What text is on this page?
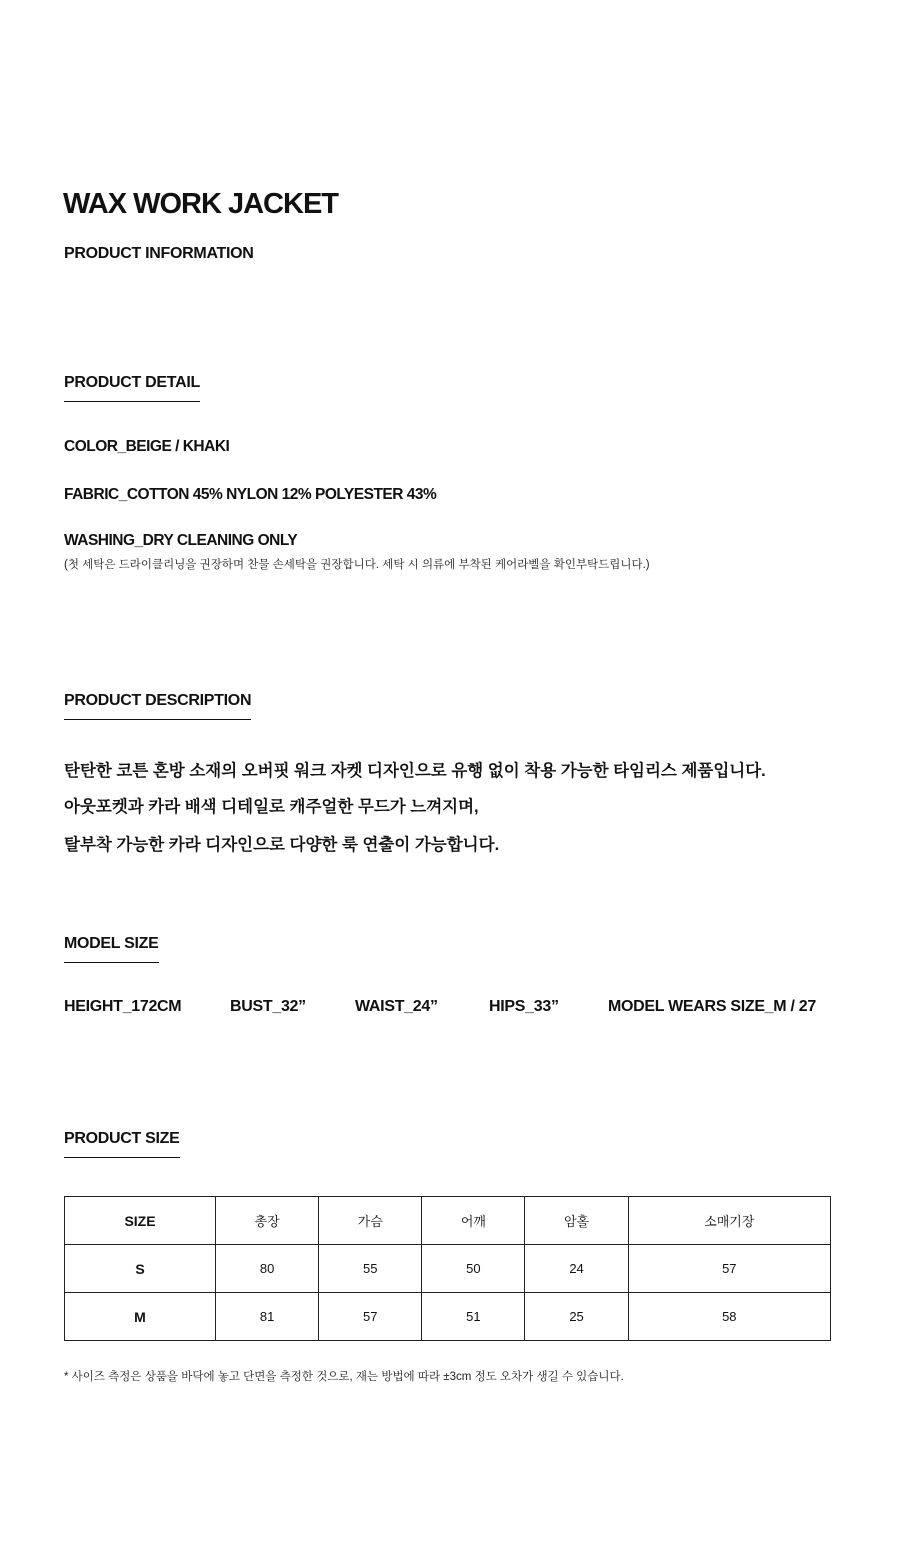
WAX WORK JACKET
PRODUCT INFORMATION
PRODUCT DETAIL
COLOR_BEIGE / KHAKI
FABRIC_COTTON 45% NYLON 12% POLYESTER 43%
WASHING_DRY CLEANING ONLY
(첫 세탁은 드라이클리닝을 권장하며 찬물 손세탁을 권장합니다. 세탁 시 의류에 부착된 케어라벨을 확인부탁드립니다.)
PRODUCT DESCRIPTION
탄탄한 코튼 혼방 소재의 오버핏 워크 자켓 디자인으로 유행 없이 착용 가능한 타임리스 제품입니다.
아웃포켓과 카라 배색 디테일로 캐주얼한 무드가 느껴지며,
탈부착 가능한 카라 디자인으로 다양한 룩 연출이 가능합니다.
MODEL SIZE
HEIGHT_172CM	BUST_32”	WAIST_24”	HIPS_33”	MODEL WEARS SIZE_M / 27
PRODUCT SIZE
SIZE	총장	가슴	어깨	암홀	소매기장
S	80	55	50	24	57
M	81	57	51	25	58
* 사이즈 측정은 상품을 바닥에 놓고 단면을 측정한 것으로, 재는 방법에 따라 ±3cm 정도 오차가 생길 수 있습니다.
